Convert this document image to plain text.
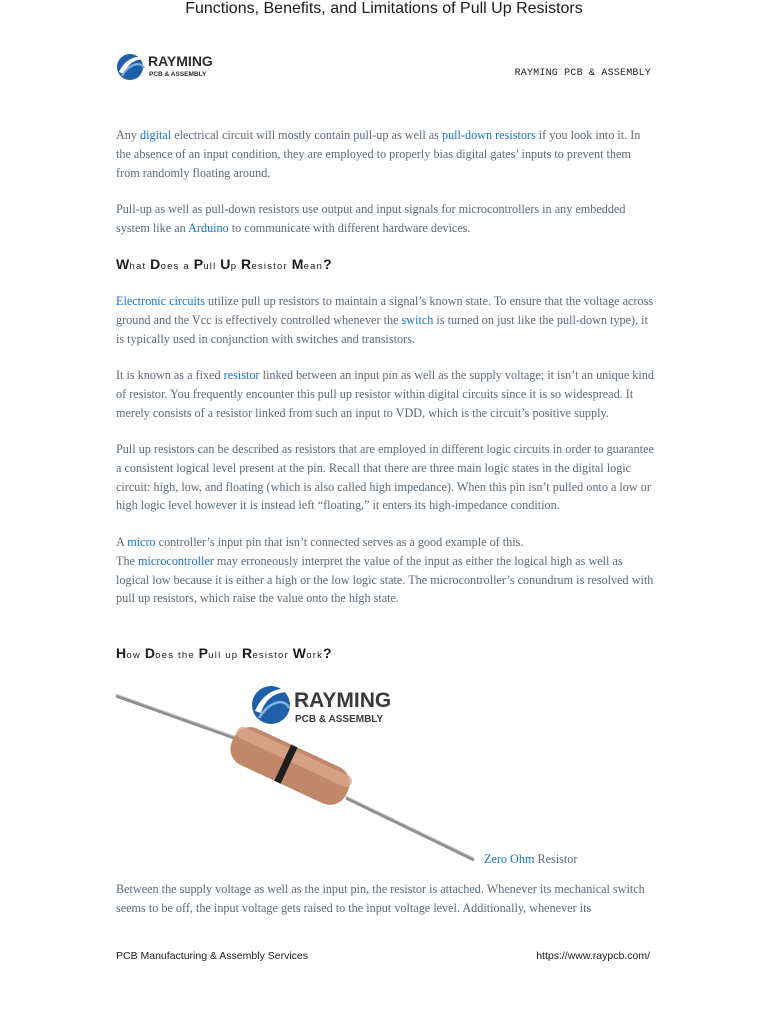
RAYMING
PCB & ASSEMBLY	RAYMING PCB & ASSEMBLY
Functions, Benefits, and Limitations of Pull Up Resistors

Any digital electrical circuit will mostly contain pull-up as well as pull-down resistors if you look into it. In the absence of an input condition, they are employed to properly bias digital gates’ inputs to prevent them from randomly floating around.

Pull-up as well as pull-down resistors use output and input signals for microcontrollers in any embedded system like an Arduino to communicate with different hardware devices.

What Does a Pull Up Resistor Mean?

Electronic circuits utilize pull up resistors to maintain a signal’s known state. To ensure that the voltage across ground and the Vcc is effectively controlled whenever the switch is turned on just like the pull-down type), it is typically used in conjunction with switches and transistors.

It is known as a fixed resistor linked between an input pin as well as the supply voltage; it isn’t an unique kind of resistor. You frequently encounter this pull up resistor within digital circuits since it is so widespread. It merely consists of a resistor linked from such an input to VDD, which is the circuit’s positive supply.

Pull up resistors can be described as resistors that are employed in different logic circuits in order to guarantee a consistent logical level present at the pin. Recall that there are three main logic states in the digital logic circuit: high, low, and floating (which is also called high impedance). When this pin isn’t pulled onto a low or high logic level however it is instead left “floating,” it enters its high-impedance condition.

A micro controller’s input pin that isn’t connected serves as a good example of this.
The microcontroller may erroneously interpret the value of the input as either the logical high as well as logical low because it is either a high or the low logic state. The microcontroller’s conundrum is resolved with pull up resistors, which raise the value onto the high state.

How Does the Pull up Resistor Work?
RAYMING
PCB & ASSEMBLY
Zero Ohm Resistor

Between the supply voltage as well as the input pin, the resistor is attached. Whenever its mechanical switch seems to be off, the input voltage gets raised to the input voltage level. Additionally, whenever its

PCB Manufacturing & Assembly Services	https://www.raypcb.com/
